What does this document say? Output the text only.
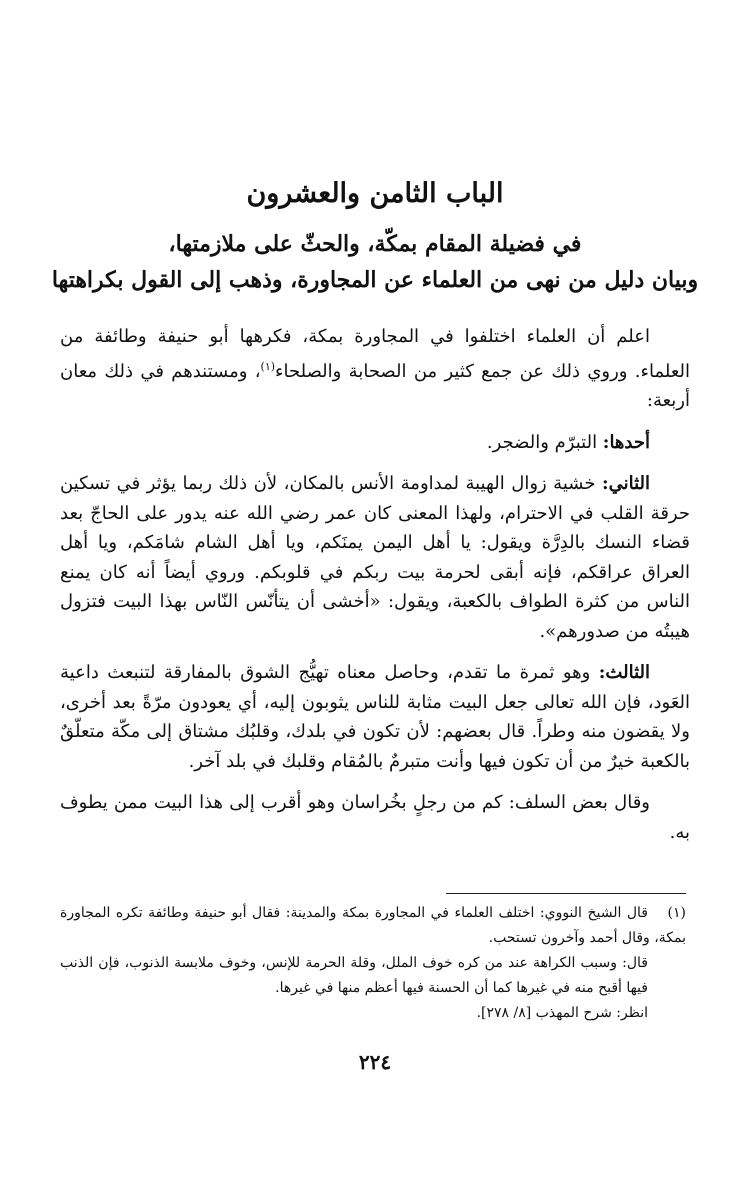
الباب الثامن والعشرون
في فضيلة المقام بمكّة، والحثّ على ملازمتها،
وبيان دليل من نهى من العلماء عن المجاورة، وذهب إلى القول بكراهتها

اعلم أن العلماء اختلفوا في المجاورة بمكة، فكرهها أبو حنيفة وطائفة من العلماء. وروي ذلك عن جمع كثير من الصحابة والصلحاء$^{(١)}$، ومستندهم في ذلك معان أربعة:

أحدها: التبرّم والضجر.

الثاني: خشية زوال الهيبة لمداومة الأنس بالمكان، لأن ذلك ربما يؤثر في تسكين حرقة القلب في الاحترام، ولهذا المعنى كان عمر رضي الله عنه يدور على الحاجّ بعد قضاء النسك بالدِرَّة ويقول: يا أهل اليمن يمنَكم، ويا أهل الشام شامَكم، ويا أهل العراق عراقكم، فإنه أبقى لحرمة بيت ربكم في قلوبكم. وروي أيضاً أنه كان يمنع الناس من كثرة الطواف بالكعبة، ويقول: «أخشى أن يتأنّس النّاس بهذا البيت فتزول هيبتُه من صدورهم».

الثالث: وهو ثمرة ما تقدم، وحاصل معناه تهيُّج الشوق بالمفارقة لتنبعث داعية العَود، فإن الله تعالى جعل البيت مثابة للناس يثوبون إليه، أي يعودون مرّةً بعد أخرى، ولا يقضون منه وطراً. قال بعضهم: لأن تكون في بلدك، وقلبُك مشتاق إلى مكّة متعلّقٌ بالكعبة خيرٌ من أن تكون فيها وأنت متبرمٌ بالمُقام وقلبك في بلد آخر.

وقال بعض السلف: كم من رجلٍ بخُراسان وهو أقرب إلى هذا البيت ممن يطوف به.

(١)قال الشيخ النووي: اختلف العلماء في المجاورة بمكة والمدينة: فقال أبو حنيفة وطائفة تكره المجاورة بمكة، وقال أحمد وآخرون تستحب.

قال: وسبب الكراهة عند من كره خوف الملل، وقلة الحرمة للإنس، وخوف ملابسة الذنوب، فإن الذنب فيها أقبح منه في غيرها كما أن الحسنة فيها أعظم منها في غيرها.

انظر: شرح المهذب [٨/ ٢٧٨].

٢٢٤
